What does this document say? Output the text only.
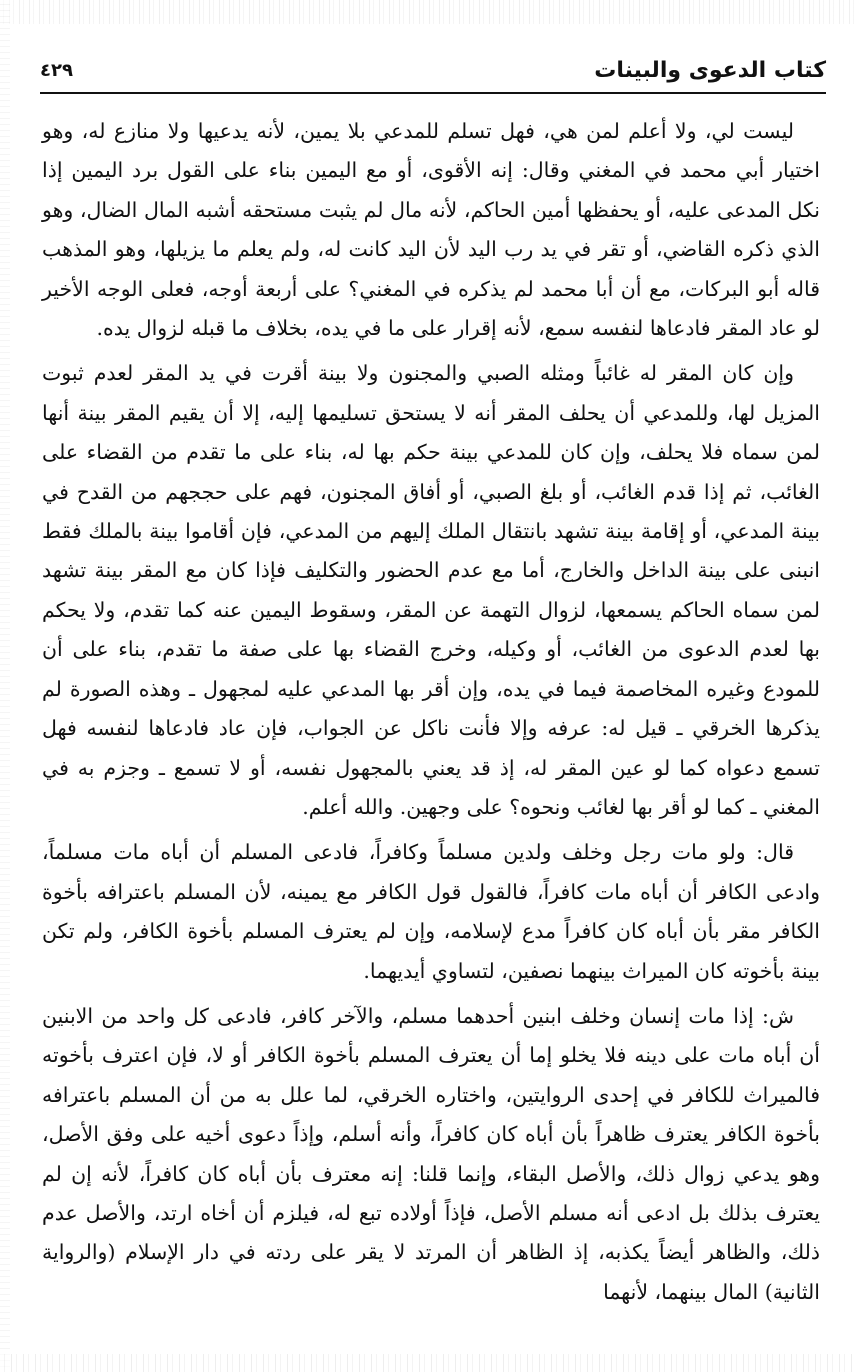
كتاب الدعوى والبينات
٤٢٩

ليست لي، ولا أعلم لمن هي، فهل تسلم للمدعي بلا يمين، لأنه يدعيها ولا منازع له، وهو اختيار أبي محمد في المغني وقال: إنه الأقوى، أو مع اليمين بناء على القول برد اليمين إذا نكل المدعى عليه، أو يحفظها أمين الحاكم، لأنه مال لم يثبت مستحقه أشبه المال الضال، وهو الذي ذكره القاضي، أو تقر في يد رب اليد لأن اليد كانت له، ولم يعلم ما يزيلها، وهو المذهب قاله أبو البركات، مع أن أبا محمد لم يذكره في المغني؟ على أربعة أوجه، فعلى الوجه الأخير لو عاد المقر فادعاها لنفسه سمع، لأنه إقرار على ما في يده، بخلاف ما قبله لزوال يده.

وإن كان المقر له غائباً ومثله الصبي والمجنون ولا بينة أقرت في يد المقر لعدم ثبوت المزيل لها، وللمدعي أن يحلف المقر أنه لا يستحق تسليمها إليه، إلا أن يقيم المقر بينة أنها لمن سماه فلا يحلف، وإن كان للمدعي بينة حكم بها له، بناء على ما تقدم من القضاء على الغائب، ثم إذا قدم الغائب، أو بلغ الصبي، أو أفاق المجنون، فهم على حججهم من القدح في بينة المدعي، أو إقامة بينة تشهد بانتقال الملك إليهم من المدعي، فإن أقاموا بينة بالملك فقط انبنى على بينة الداخل والخارج، أما مع عدم الحضور والتكليف فإذا كان مع المقر بينة تشهد لمن سماه الحاكم يسمعها، لزوال التهمة عن المقر، وسقوط اليمين عنه كما تقدم، ولا يحكم بها لعدم الدعوى من الغائب، أو وكيله، وخرج القضاء بها على صفة ما تقدم، بناء على أن للمودع وغيره المخاصمة فيما في يده، وإن أقر بها المدعي عليه لمجهول ـ وهذه الصورة لم يذكرها الخرقي ـ قيل له: عرفه وإلا فأنت ناكل عن الجواب، فإن عاد فادعاها لنفسه فهل تسمع دعواه كما لو عين المقر له، إذ قد يعني بالمجهول نفسه، أو لا تسمع ـ وجزم به في المغني ـ كما لو أقر بها لغائب ونحوه؟ على وجهين. والله أعلم.

قال: ولو مات رجل وخلف ولدين مسلماً وكافراً، فادعى المسلم أن أباه مات مسلماً، وادعى الكافر أن أباه مات كافراً، فالقول قول الكافر مع يمينه، لأن المسلم باعترافه بأخوة الكافر مقر بأن أباه كان كافراً مدع لإسلامه، وإن لم يعترف المسلم بأخوة الكافر، ولم تكن بينة بأخوته كان الميراث بينهما نصفين، لتساوي أيديهما.

ش: إذا مات إنسان وخلف ابنين أحدهما مسلم، والآخر كافر، فادعى كل واحد من الابنين أن أباه مات على دينه فلا يخلو إما أن يعترف المسلم بأخوة الكافر أو لا، فإن اعترف بأخوته فالميراث للكافر في إحدى الروايتين، واختاره الخرقي، لما علل به من أن المسلم باعترافه بأخوة الكافر يعترف ظاهراً بأن أباه كان كافراً، وأنه أسلم، وإذاً دعوى أخيه على وفق الأصل، وهو يدعي زوال ذلك، والأصل البقاء، وإنما قلنا: إنه معترف بأن أباه كان كافراً، لأنه إن لم يعترف بذلك بل ادعى أنه مسلم الأصل، فإذاً أولاده تبع له، فيلزم أن أخاه ارتد، والأصل عدم ذلك، والظاهر أيضاً يكذبه، إذ الظاهر أن المرتد لا يقر على ردته في دار الإسلام (والرواية الثانية) المال بينهما، لأنهما
